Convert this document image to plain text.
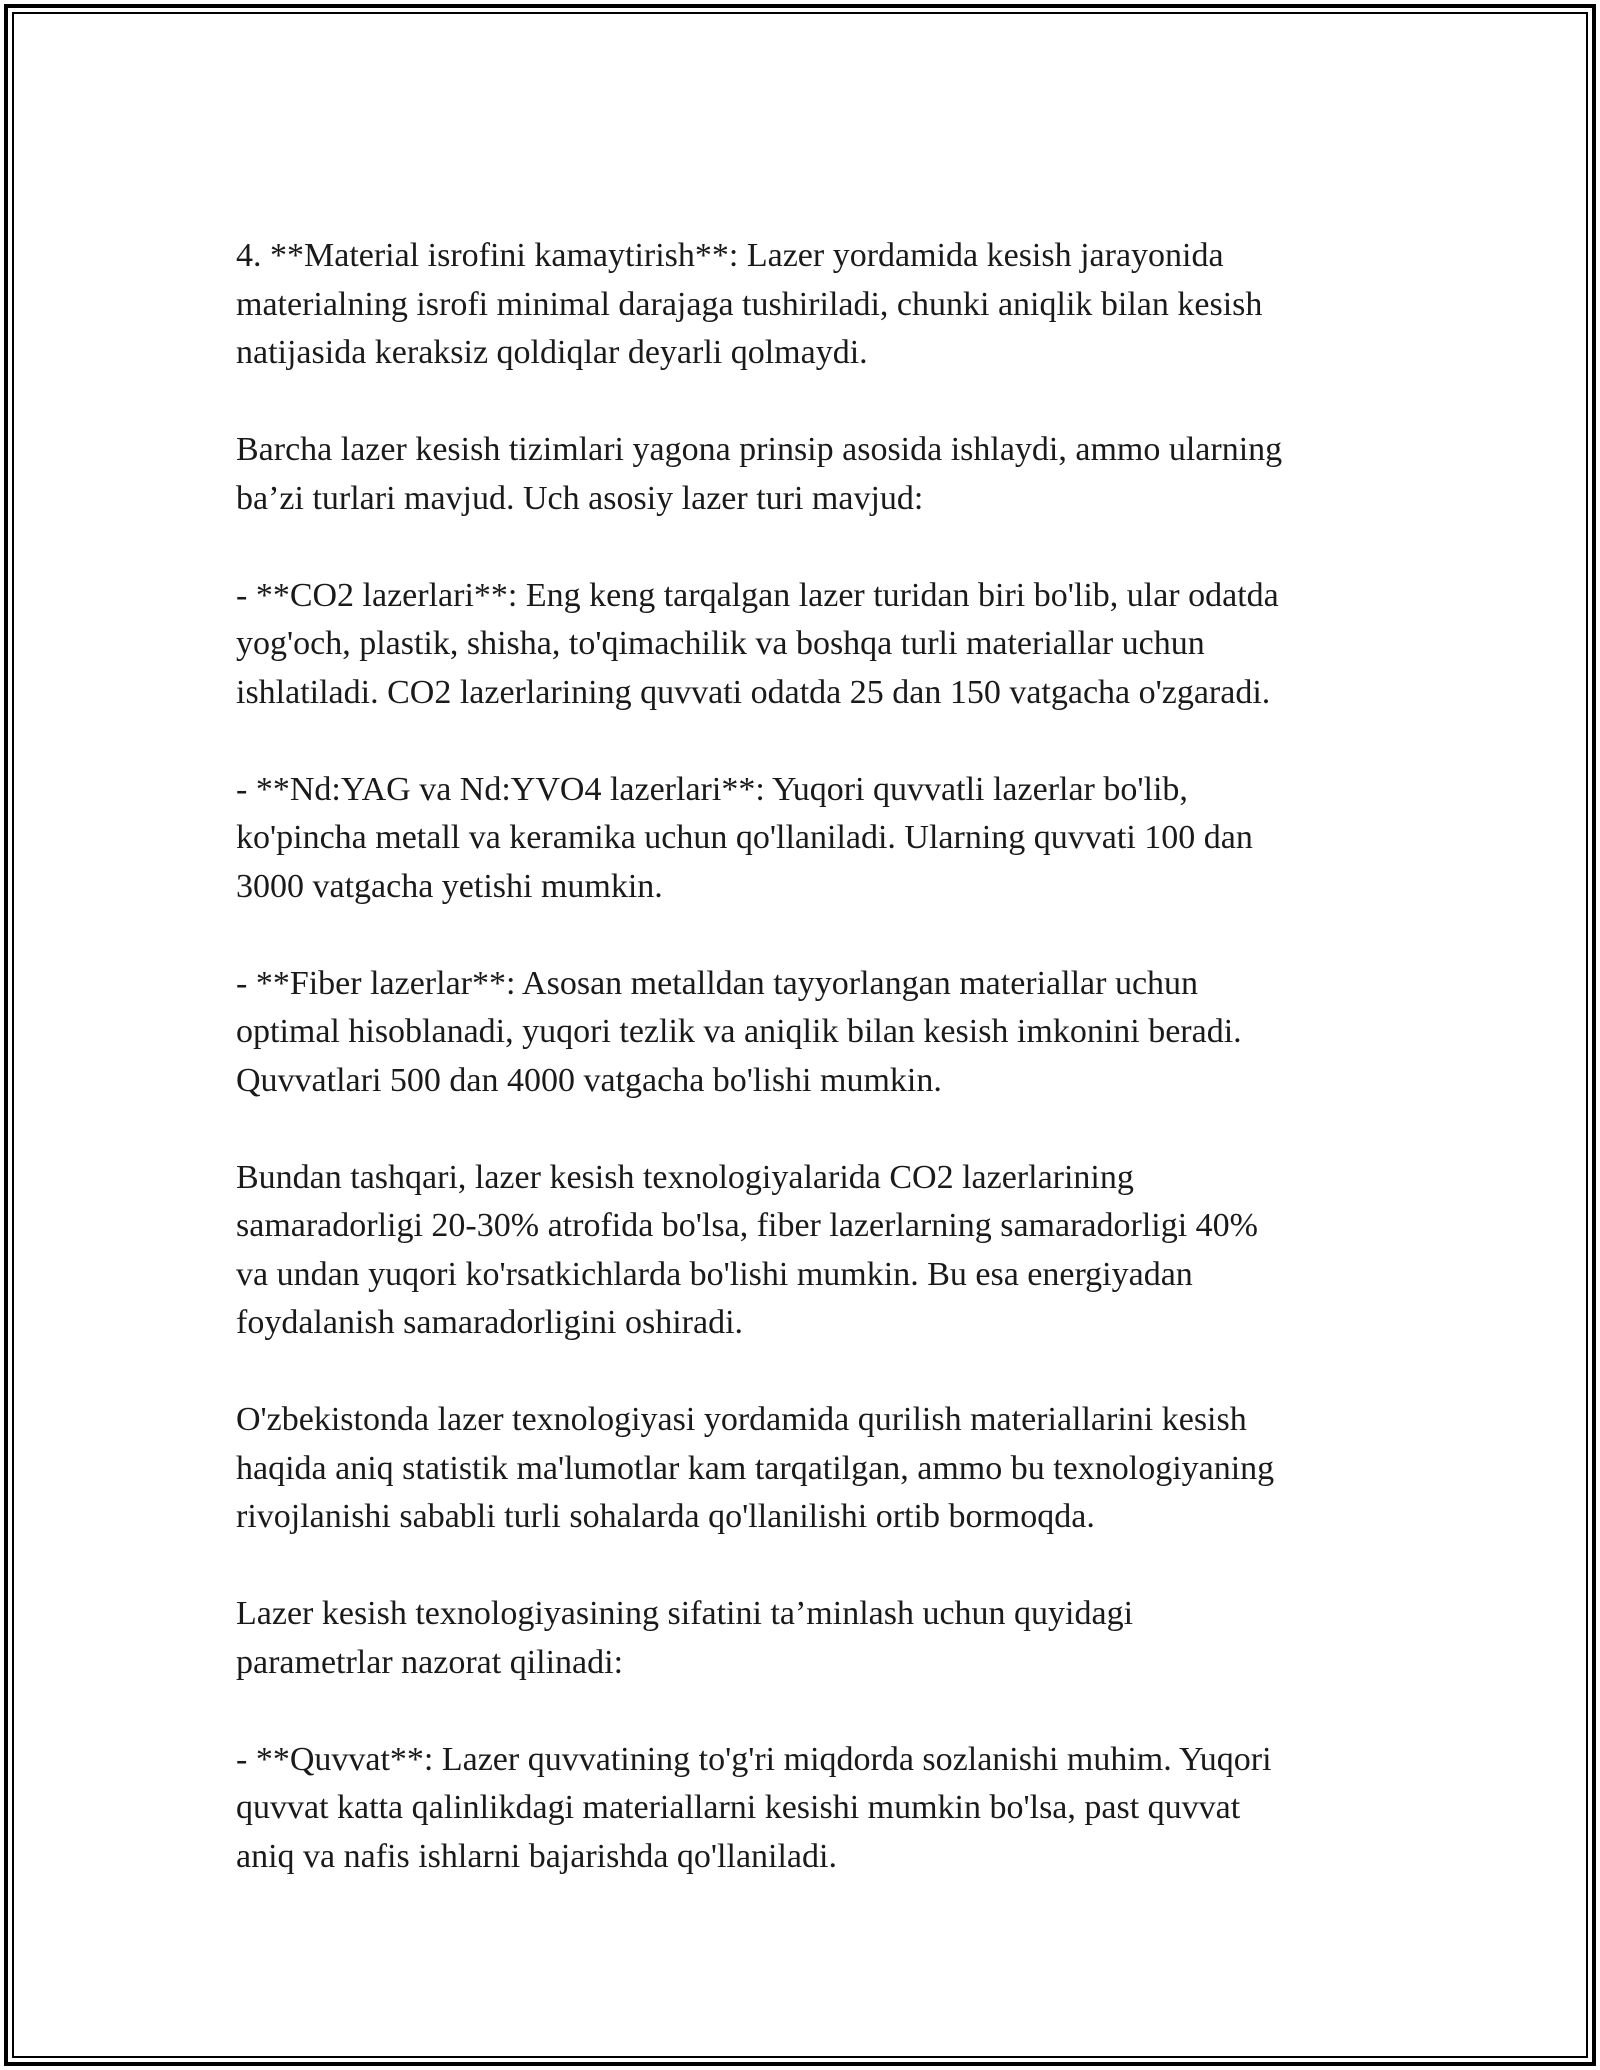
4. **Material isrofini kamaytirish**: Lazer yordamida kesish jarayonida
materialning isrofi minimal darajaga tushiriladi, chunki aniqlik bilan kesish
natijasida keraksiz qoldiqlar deyarli qolmaydi.

Barcha lazer kesish tizimlari yagona prinsip asosida ishlaydi, ammo ularning
ba’zi turlari mavjud. Uch asosiy lazer turi mavjud:

- **CO2 lazerlari**: Eng keng tarqalgan lazer turidan biri bo'lib, ular odatda
yog'och, plastik, shisha, to'qimachilik va boshqa turli materiallar uchun
ishlatiladi. CO2 lazerlarining quvvati odatda 25 dan 150 vatgacha o'zgaradi.

- **Nd:YAG va Nd:YVO4 lazerlari**: Yuqori quvvatli lazerlar bo'lib,
ko'pincha metall va keramika uchun qo'llaniladi. Ularning quvvati 100 dan
3000 vatgacha yetishi mumkin.

- **Fiber lazerlar**: Asosan metalldan tayyorlangan materiallar uchun
optimal hisoblanadi, yuqori tezlik va aniqlik bilan kesish imkonini beradi.
Quvvatlari 500 dan 4000 vatgacha bo'lishi mumkin.

Bundan tashqari, lazer kesish texnologiyalarida CO2 lazerlarining
samaradorligi 20-30% atrofida bo'lsa, fiber lazerlarning samaradorligi 40%
va undan yuqori ko'rsatkichlarda bo'lishi mumkin. Bu esa energiyadan
foydalanish samaradorligini oshiradi.

O'zbekistonda lazer texnologiyasi yordamida qurilish materiallarini kesish
haqida aniq statistik ma'lumotlar kam tarqatilgan, ammo bu texnologiyaning
rivojlanishi sababli turli sohalarda qo'llanilishi ortib bormoqda.

Lazer kesish texnologiyasining sifatini ta’minlash uchun quyidagi
parametrlar nazorat qilinadi:

- **Quvvat**: Lazer quvvatining to'g'ri miqdorda sozlanishi muhim. Yuqori
quvvat katta qalinlikdagi materiallarni kesishi mumkin bo'lsa, past quvvat
aniq va nafis ishlarni bajarishda qo'llaniladi.
